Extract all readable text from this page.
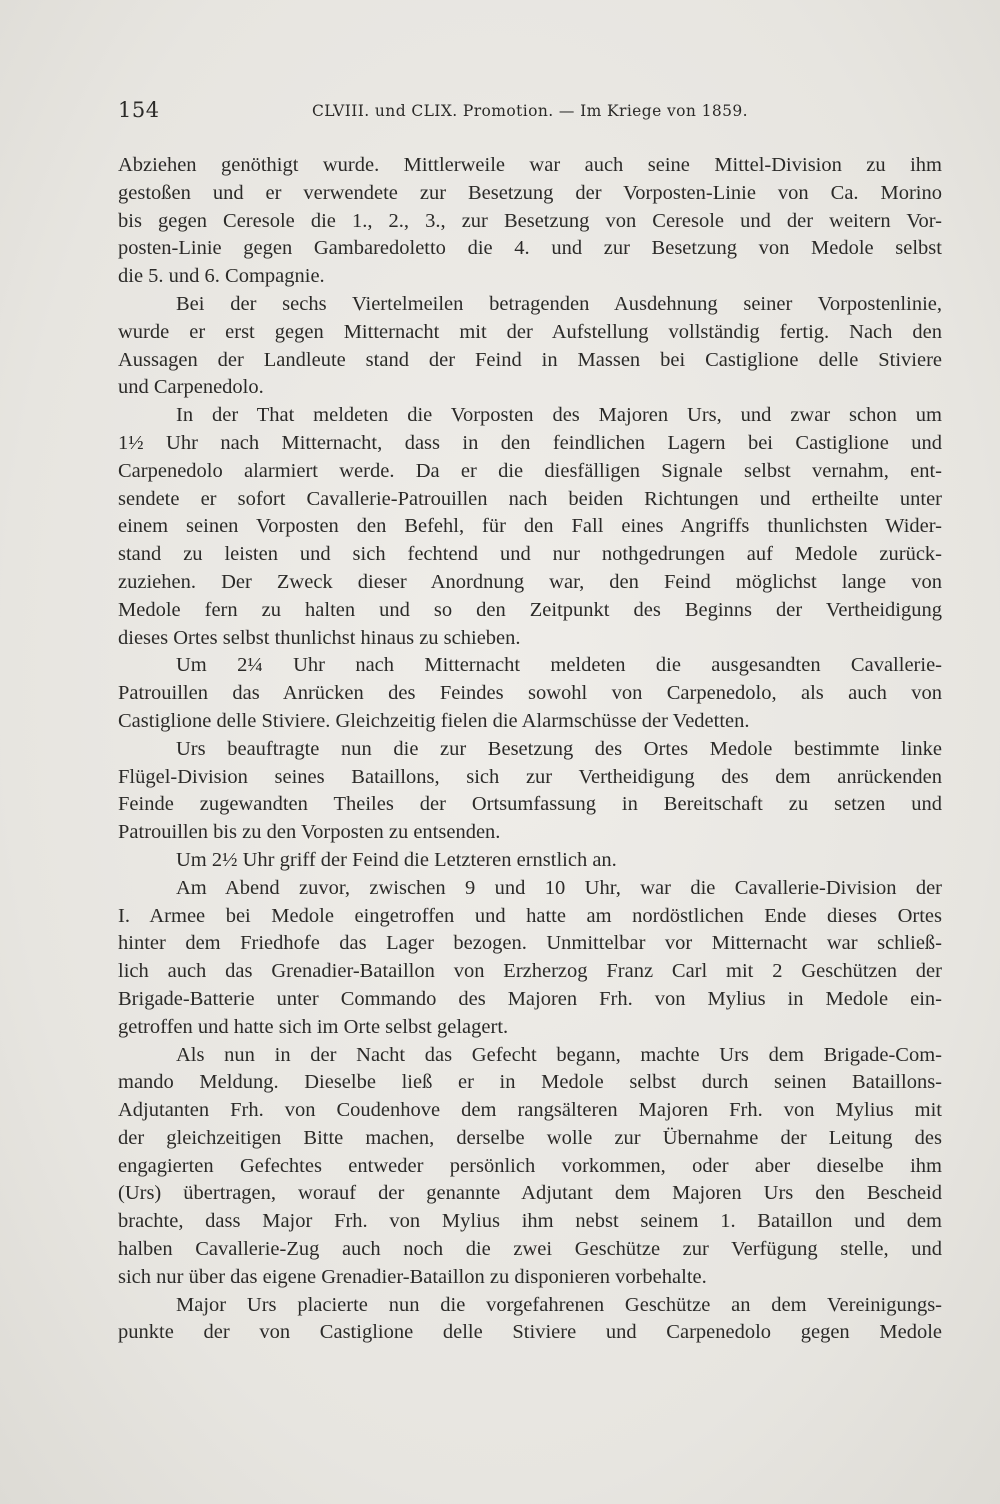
154	CLVIII. und CLIX. Promotion. — Im Kriege von 1859.
Abziehen genöthigt wurde. Mittlerweile war auch seine Mittel-Division zu ihm
gestoßen und er verwendete zur Besetzung der Vorposten-Linie von Ca. Morino
bis gegen Ceresole die 1., 2., 3., zur Besetzung von Ceresole und der weitern Vor-
posten-Linie gegen Gambaredoletto die 4. und zur Besetzung von Medole selbst
die 5. und 6. Compagnie.
Bei der sechs Viertelmeilen betragenden Ausdehnung seiner Vorpostenlinie,
wurde er erst gegen Mitternacht mit der Aufstellung vollständig fertig. Nach den
Aussagen der Landleute stand der Feind in Massen bei Castiglione delle Stiviere
und Carpenedolo.
In der That meldeten die Vorposten des Majoren Urs, und zwar schon um
1½ Uhr nach Mitternacht, dass in den feindlichen Lagern bei Castiglione und
Carpenedolo alarmiert werde. Da er die diesfälligen Signale selbst vernahm, ent-
sendete er sofort Cavallerie-Patrouillen nach beiden Richtungen und ertheilte unter
einem seinen Vorposten den Befehl, für den Fall eines Angriffs thunlichsten Wider-
stand zu leisten und sich fechtend und nur nothgedrungen auf Medole zurück-
zuziehen. Der Zweck dieser Anordnung war, den Feind möglichst lange von
Medole fern zu halten und so den Zeitpunkt des Beginns der Vertheidigung
dieses Ortes selbst thunlichst hinaus zu schieben.
Um 2¼ Uhr nach Mitternacht meldeten die ausgesandten Cavallerie-
Patrouillen das Anrücken des Feindes sowohl von Carpenedolo, als auch von
Castiglione delle Stiviere. Gleichzeitig fielen die Alarmschüsse der Vedetten.
Urs beauftragte nun die zur Besetzung des Ortes Medole bestimmte linke
Flügel-Division seines Bataillons, sich zur Vertheidigung des dem anrückenden
Feinde zugewandten Theiles der Ortsumfassung in Bereitschaft zu setzen und
Patrouillen bis zu den Vorposten zu entsenden.
Um 2½ Uhr griff der Feind die Letzteren ernstlich an.
Am Abend zuvor, zwischen 9 und 10 Uhr, war die Cavallerie-Division der
I. Armee bei Medole eingetroffen und hatte am nordöstlichen Ende dieses Ortes
hinter dem Friedhofe das Lager bezogen. Unmittelbar vor Mitternacht war schließ-
lich auch das Grenadier-Bataillon von Erzherzog Franz Carl mit 2 Geschützen der
Brigade-Batterie unter Commando des Majoren Frh. von Mylius in Medole ein-
getroffen und hatte sich im Orte selbst gelagert.
Als nun in der Nacht das Gefecht begann, machte Urs dem Brigade-Com-
mando Meldung. Dieselbe ließ er in Medole selbst durch seinen Bataillons-
Adjutanten Frh. von Coudenhove dem rangsälteren Majoren Frh. von Mylius mit
der gleichzeitigen Bitte machen, derselbe wolle zur Übernahme der Leitung des
engagierten Gefechtes entweder persönlich vorkommen, oder aber dieselbe ihm
(Urs) übertragen, worauf der genannte Adjutant dem Majoren Urs den Bescheid
brachte, dass Major Frh. von Mylius ihm nebst seinem 1. Bataillon und dem
halben Cavallerie-Zug auch noch die zwei Geschütze zur Verfügung stelle, und
sich nur über das eigene Grenadier-Bataillon zu disponieren vorbehalte.
Major Urs placierte nun die vorgefahrenen Geschütze an dem Vereinigungs-
punkte der von Castiglione delle Stiviere und Carpenedolo gegen Medole
